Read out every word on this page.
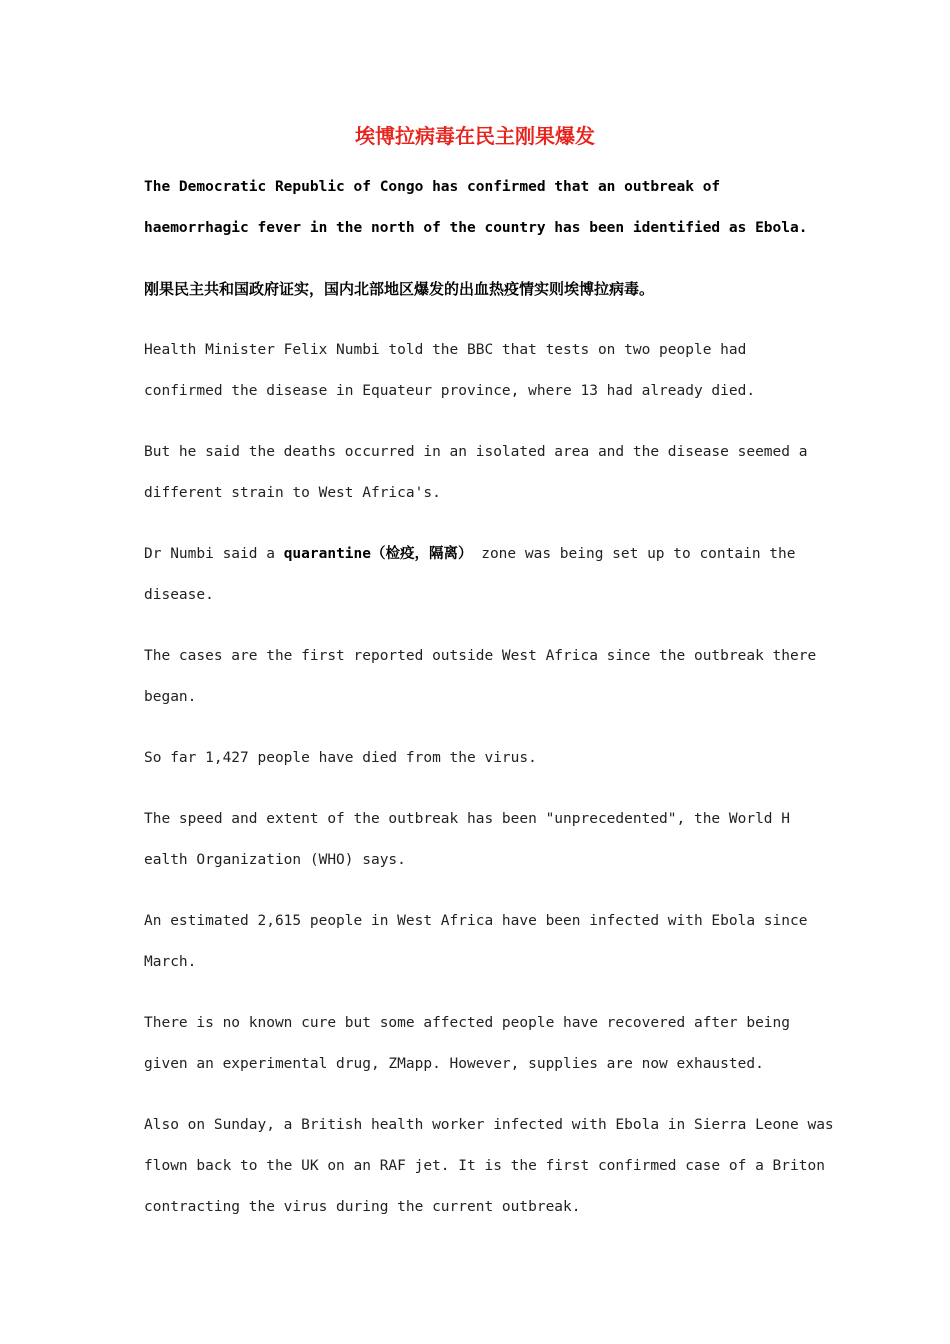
埃博拉病毒在民主刚果爆发
The Democratic Republic of Congo has confirmed that an outbreak of
haemorrhagic fever in the north of the country has been identified as Ebola.
刚果民主共和国政府证实，国内北部地区爆发的出血热疫情实则埃博拉病毒。
Health Minister Felix Numbi told the BBC that tests on two people had
confirmed the disease in Equateur province, where 13 had already died.
But he said the deaths occurred in an isolated area and the disease seemed a
different strain to West Africa's.
Dr Numbi said a quarantine（检疫，隔离） zone was being set up to contain the
disease.
The cases are the first reported outside West Africa since the outbreak there
began.
So far 1,427 people have died from the virus.
The speed and extent of the outbreak has been "unprecedented", the World H
ealth Organization (WHO) says.
An estimated 2,615 people in West Africa have been infected with Ebola since
March.
There is no known cure but some affected people have recovered after being
given an experimental drug, ZMapp. However, supplies are now exhausted.
Also on Sunday, a British health worker infected with Ebola in Sierra Leone was
flown back to the UK on an RAF jet. It is the first confirmed case of a Briton
contracting the virus during the current outbreak.
